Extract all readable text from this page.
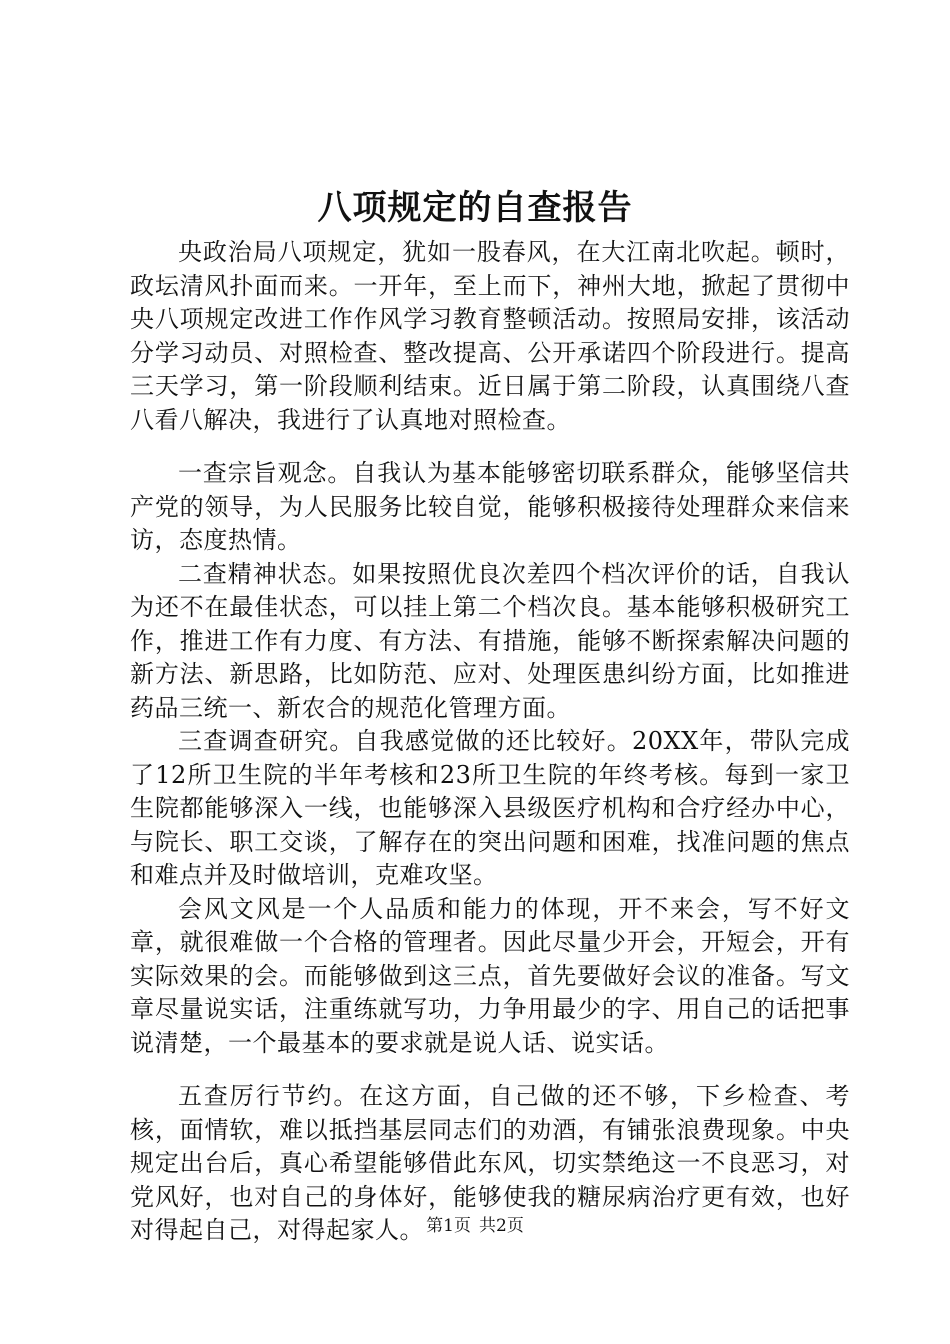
八项规定的自查报告

央政治局八项规定，犹如一股春风，在大江南北吹起。顿时，政坛清风扑面而来。一开年，至上而下，神州大地，掀起了贯彻中央八项规定改进工作作风学习教育整顿活动。按照局安排，该活动分学习动员、对照检查、整改提高、公开承诺四个阶段进行。提高三天学习，第一阶段顺利结束。近日属于第二阶段，认真围绕八查八看八解决，我进行了认真地对照检查。

一查宗旨观念。自我认为基本能够密切联系群众，能够坚信共产党的领导，为人民服务比较自觉，能够积极接待处理群众来信来访，态度热情。

二查精神状态。如果按照优良次差四个档次评价的话，自我认为还不在最佳状态，可以挂上第二个档次良。基本能够积极研究工作，推进工作有力度、有方法、有措施，能够不断探索解决问题的新方法、新思路，比如防范、应对、处理医患纠纷方面，比如推进药品三统一、新农合的规范化管理方面。

三查调查研究。自我感觉做的还比较好。20XX年，带队完成了12所卫生院的半年考核和23所卫生院的年终考核。每到一家卫生院都能够深入一线，也能够深入县级医疗机构和合疗经办中心，与院长、职工交谈，了解存在的突出问题和困难，找准问题的焦点和难点并及时做培训，克难攻坚。

会风文风是一个人品质和能力的体现，开不来会，写不好文章，就很难做一个合格的管理者。因此尽量少开会，开短会，开有实际效果的会。而能够做到这三点，首先要做好会议的准备。写文章尽量说实话，注重练就写功，力争用最少的字、用自己的话把事说清楚，一个最基本的要求就是说人话、说实话。

五查厉行节约。在这方面，自己做的还不够，下乡检查、考核，面情软，难以抵挡基层同志们的劝酒，有铺张浪费现象。中央规定出台后，真心希望能够借此东风，切实禁绝这一不良恶习，对党风好，也对自己的身体好，能够使我的糖尿病治疗更有效，也好对得起自己，对得起家人。 第1页 共2页
